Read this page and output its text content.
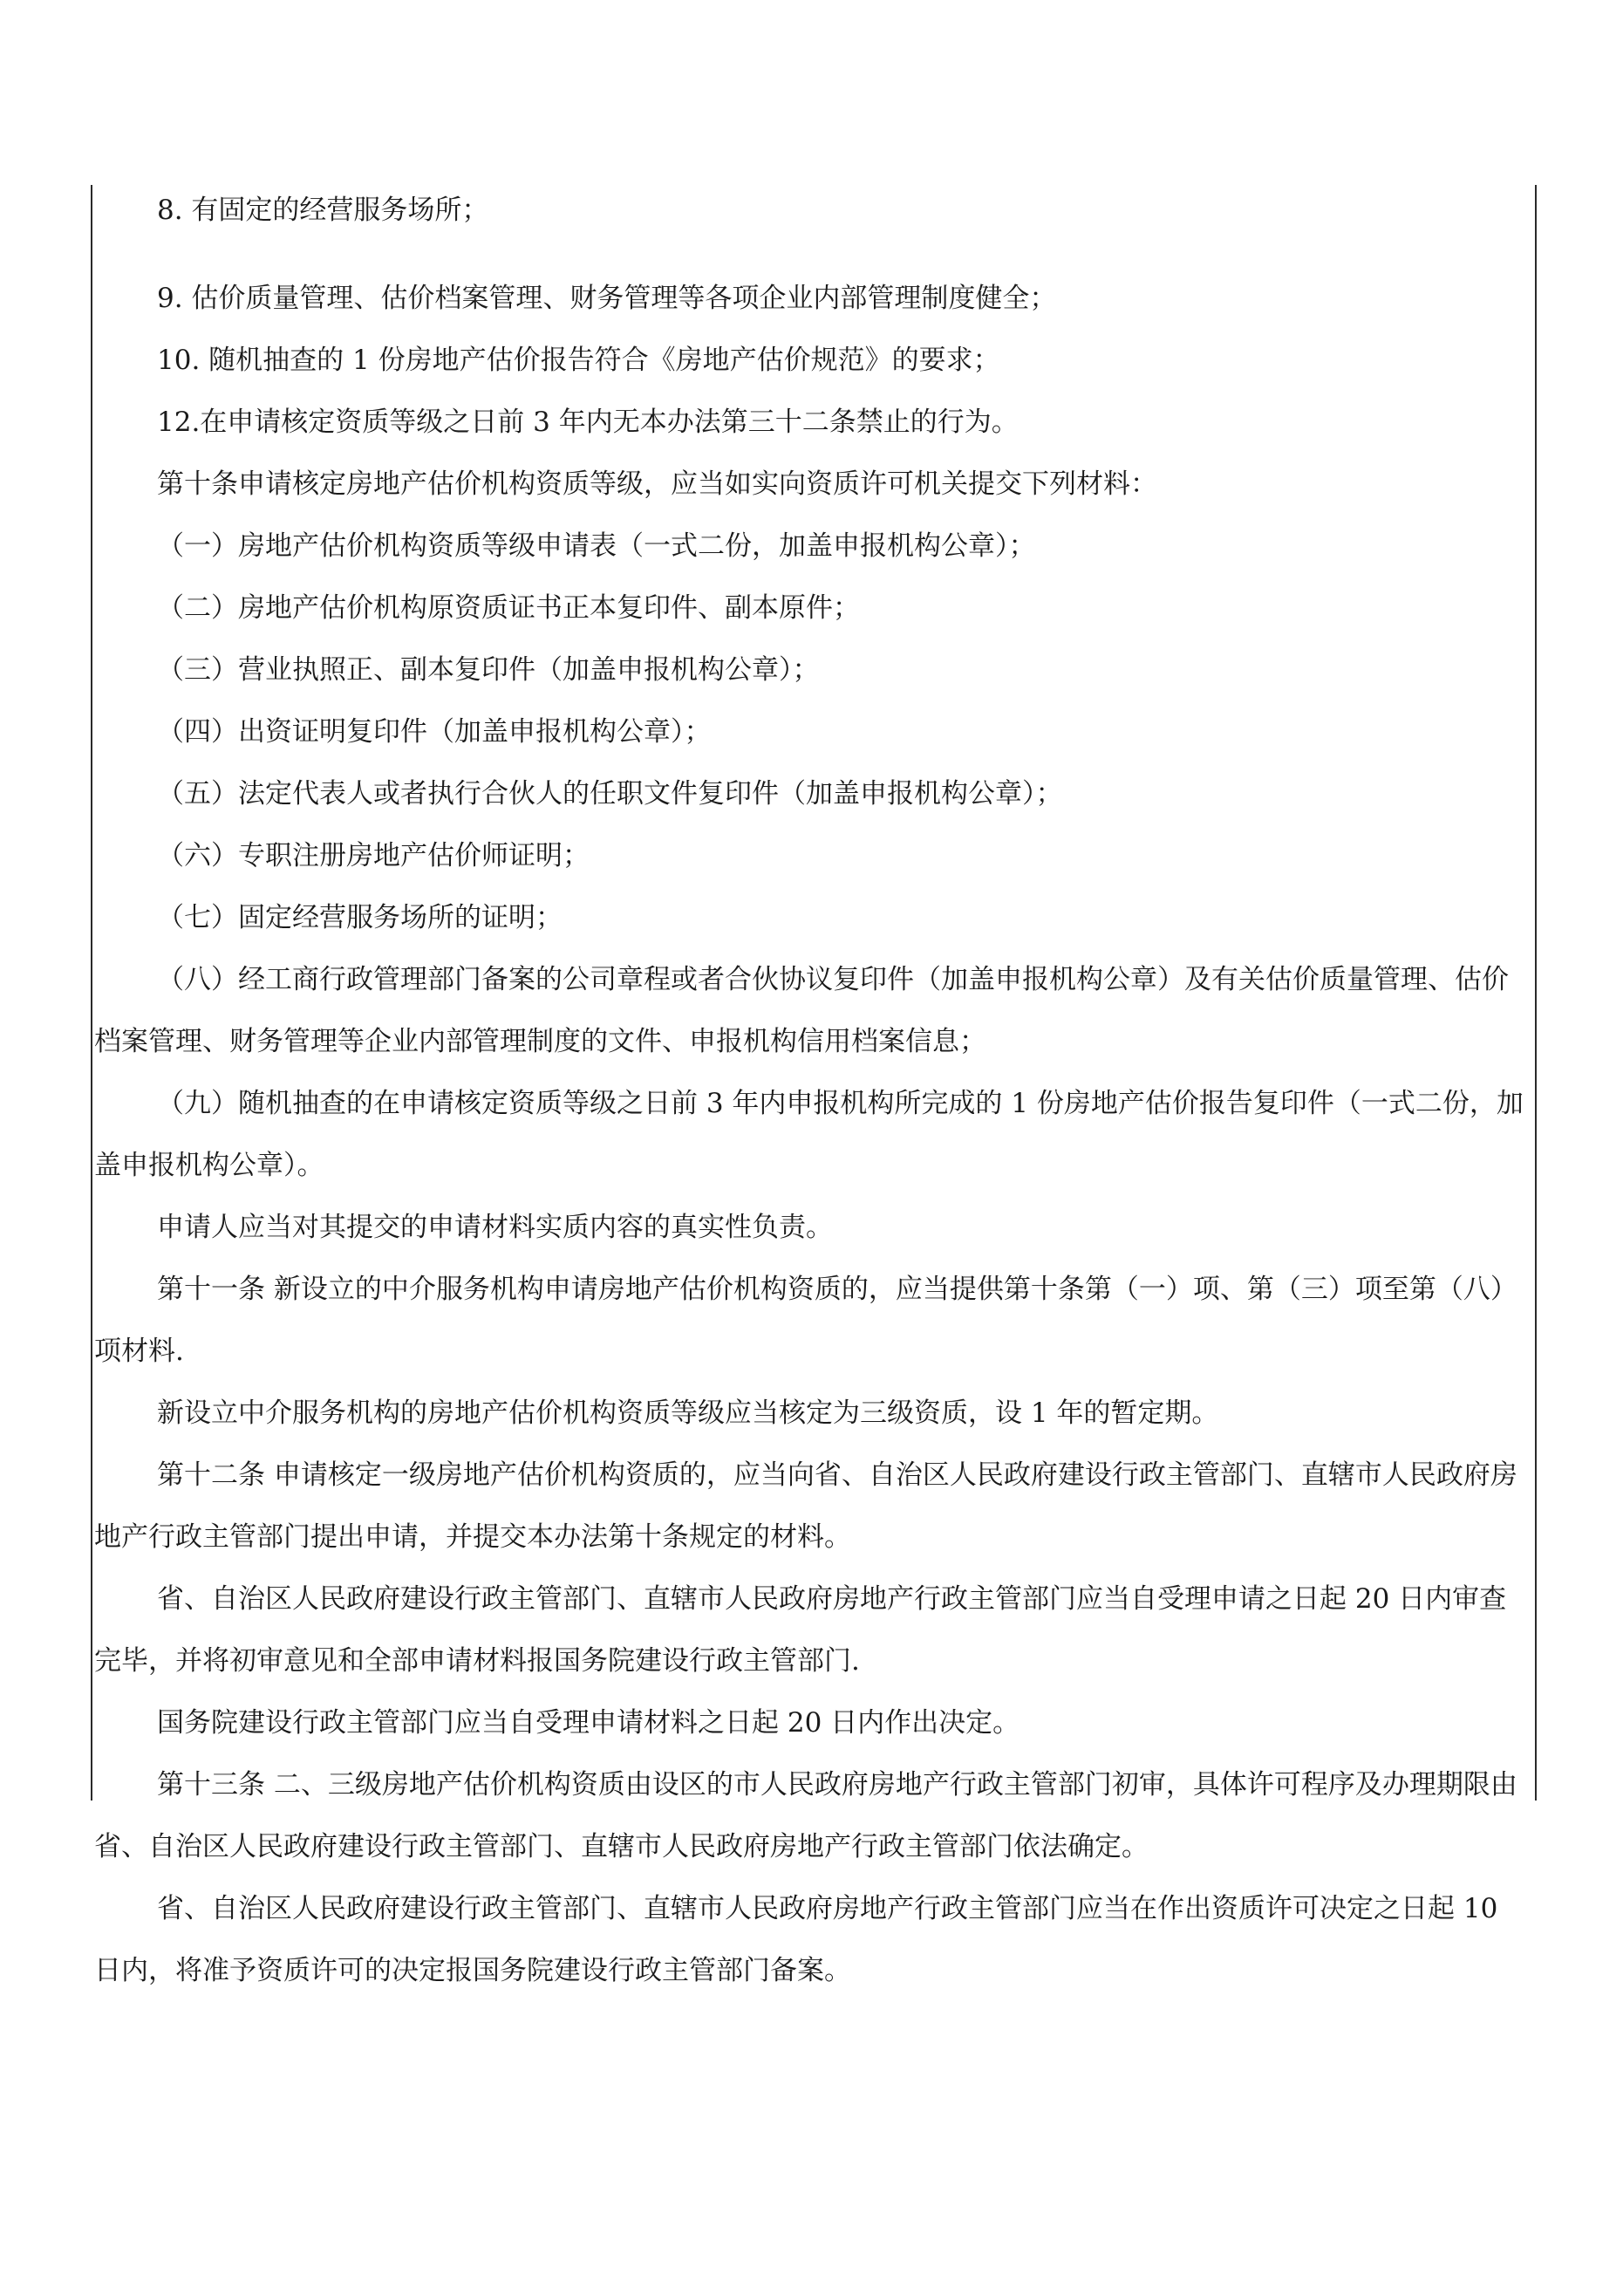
8. 有固定的经营服务场所；

9. 估价质量管理、估价档案管理、财务管理等各项企业内部管理制度健全；

10. 随机抽查的 1 份房地产估价报告符合《房地产估价规范》的要求；

12.在申请核定资质等级之日前 3 年内无本办法第三十二条禁止的行为。

第十条申请核定房地产估价机构资质等级，应当如实向资质许可机关提交下列材料：

（一）房地产估价机构资质等级申请表（一式二份，加盖申报机构公章）；

（二）房地产估价机构原资质证书正本复印件、副本原件；

（三）营业执照正、副本复印件（加盖申报机构公章）；

（四）出资证明复印件（加盖申报机构公章）；

（五）法定代表人或者执行合伙人的任职文件复印件（加盖申报机构公章）；

（六）专职注册房地产估价师证明；

（七）固定经营服务场所的证明；

（八）经工商行政管理部门备案的公司章程或者合伙协议复印件（加盖申报机构公章）及有关估价质量管理、估价档案管理、财务管理等企业内部管理制度的文件、申报机构信用档案信息；

（九）随机抽查的在申请核定资质等级之日前 3 年内申报机构所完成的 1 份房地产估价报告复印件（一式二份，加盖申报机构公章）。

申请人应当对其提交的申请材料实质内容的真实性负责。

第十一条 新设立的中介服务机构申请房地产估价机构资质的，应当提供第十条第（一）项、第（三）项至第（八）项材料.

新设立中介服务机构的房地产估价机构资质等级应当核定为三级资质，设 1 年的暂定期。

第十二条 申请核定一级房地产估价机构资质的，应当向省、自治区人民政府建设行政主管部门、直辖市人民政府房地产行政主管部门提出申请，并提交本办法第十条规定的材料。

省、自治区人民政府建设行政主管部门、直辖市人民政府房地产行政主管部门应当自受理申请之日起 20 日内审查完毕，并将初审意见和全部申请材料报国务院建设行政主管部门.

国务院建设行政主管部门应当自受理申请材料之日起 20 日内作出决定。

第十三条 二、三级房地产估价机构资质由设区的市人民政府房地产行政主管部门初审，具体许可程序及办理期限由省、自治区人民政府建设行政主管部门、直辖市人民政府房地产行政主管部门依法确定。

省、自治区人民政府建设行政主管部门、直辖市人民政府房地产行政主管部门应当在作出资质许可决定之日起 10 日内，将准予资质许可的决定报国务院建设行政主管部门备案。
